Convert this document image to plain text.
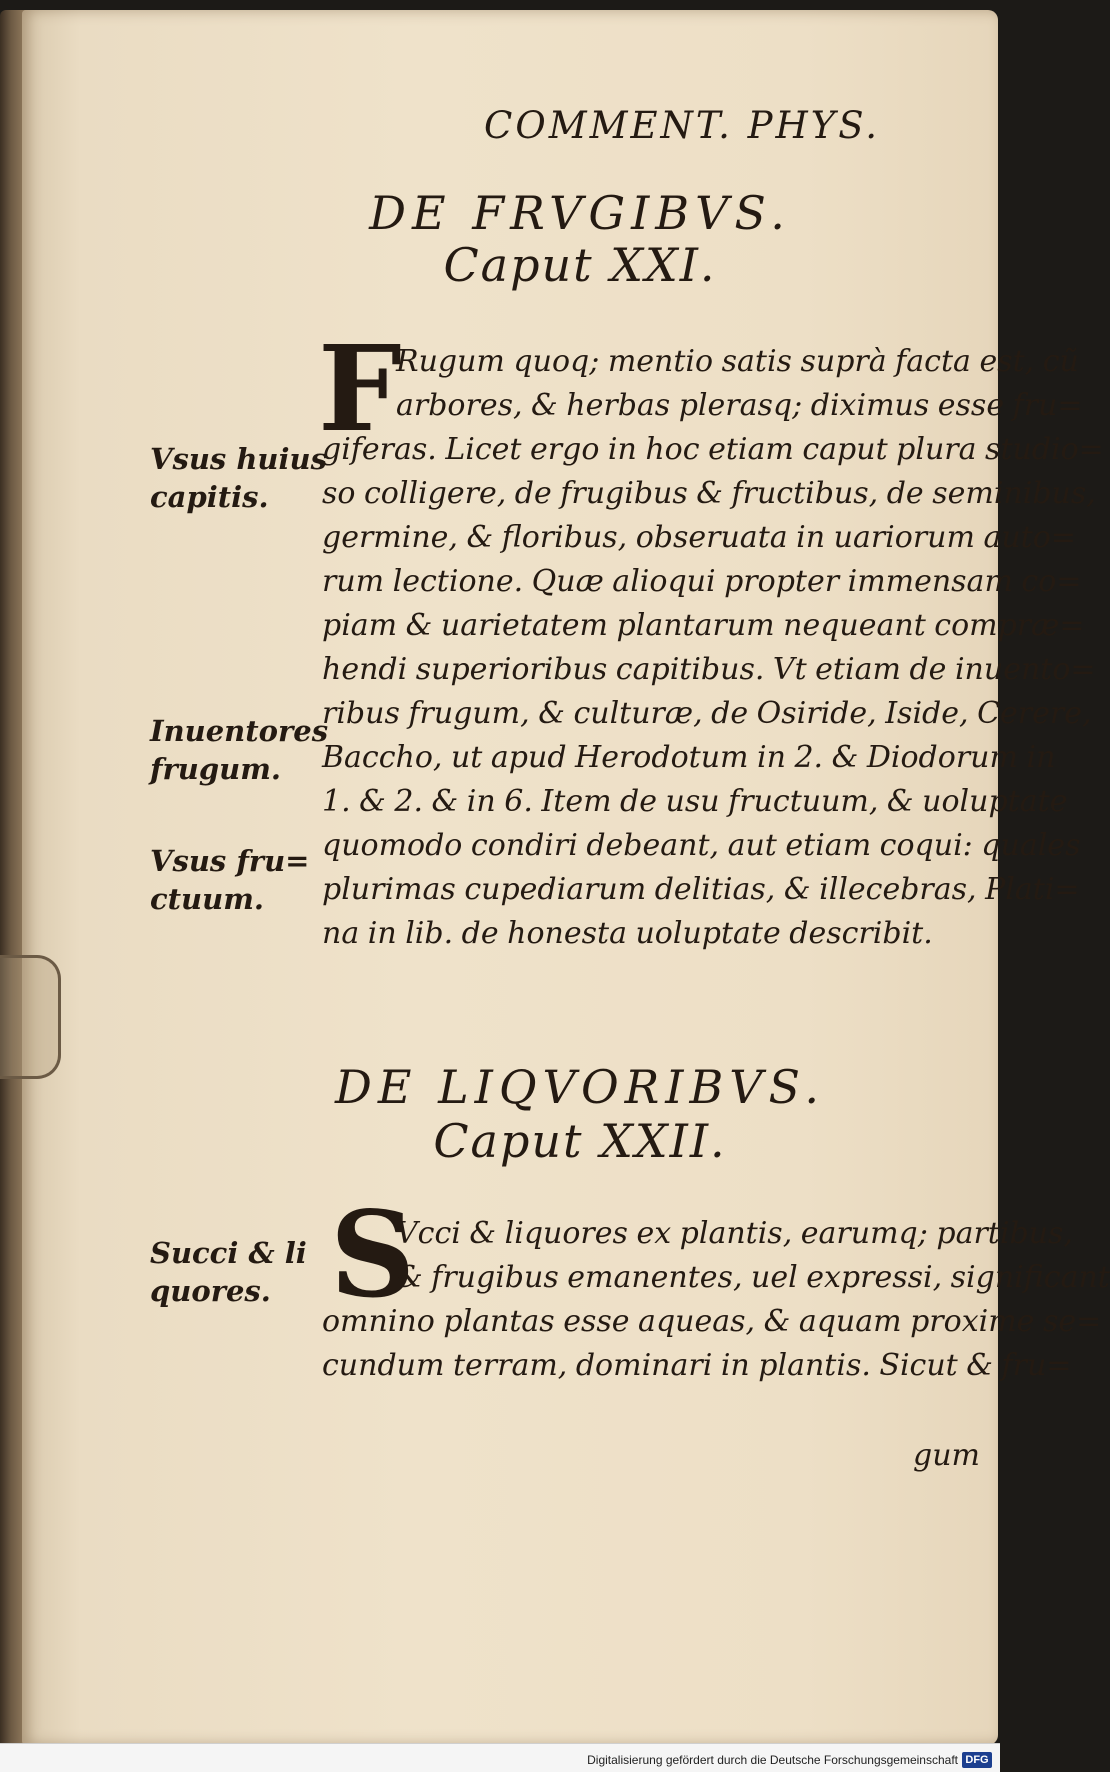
COMMENT. PHYS.
DE FRVGIBVS.
Caput XXI.
F
Rugum quoq; mentio satis suprà facta est, cũ
arbores, & herbas plerasq; diximus esse fru=
giferas. Licet ergo in hoc etiam caput plura studio=
so colligere, de frugibus & fructibus, de seminibus,
germine, & floribus, obseruata in uariorum auto=
rum lectione. Quæ alioqui propter immensam co=
piam & uarietatem plantarum nequeant compræ=
hendi superioribus capitibus. Vt etiam de inuento=
ribus frugum, & culturæ, de Osiride, Iside, Cerere,
Baccho, ut apud Herodotum in 2. & Diodorum in
1. & 2. & in 6. Item de usu fructuum, & uoluptate
quomodo condiri debeant, aut etiam coqui: quales
plurimas cupediarum delitias, & illecebras, Plati=
na in lib. de honesta uoluptate describit.
Vsus huius
capitis.
Inuentores
frugum.
Vsus fru=
ctuum.
DE LIQVORIBVS.
Caput XXII.
S
Vcci & liquores ex plantis, earumq; partibus,
& frugibus emanentes, uel expressi, significant
omnino plantas esse aqueas, & aquam proxime se=
cundum terram, dominari in plantis. Sicut & fru=
Succi & li
quores.
gum
Digitalisierung gefördert durch die Deutsche Forschungsgemeinschaft DFG
